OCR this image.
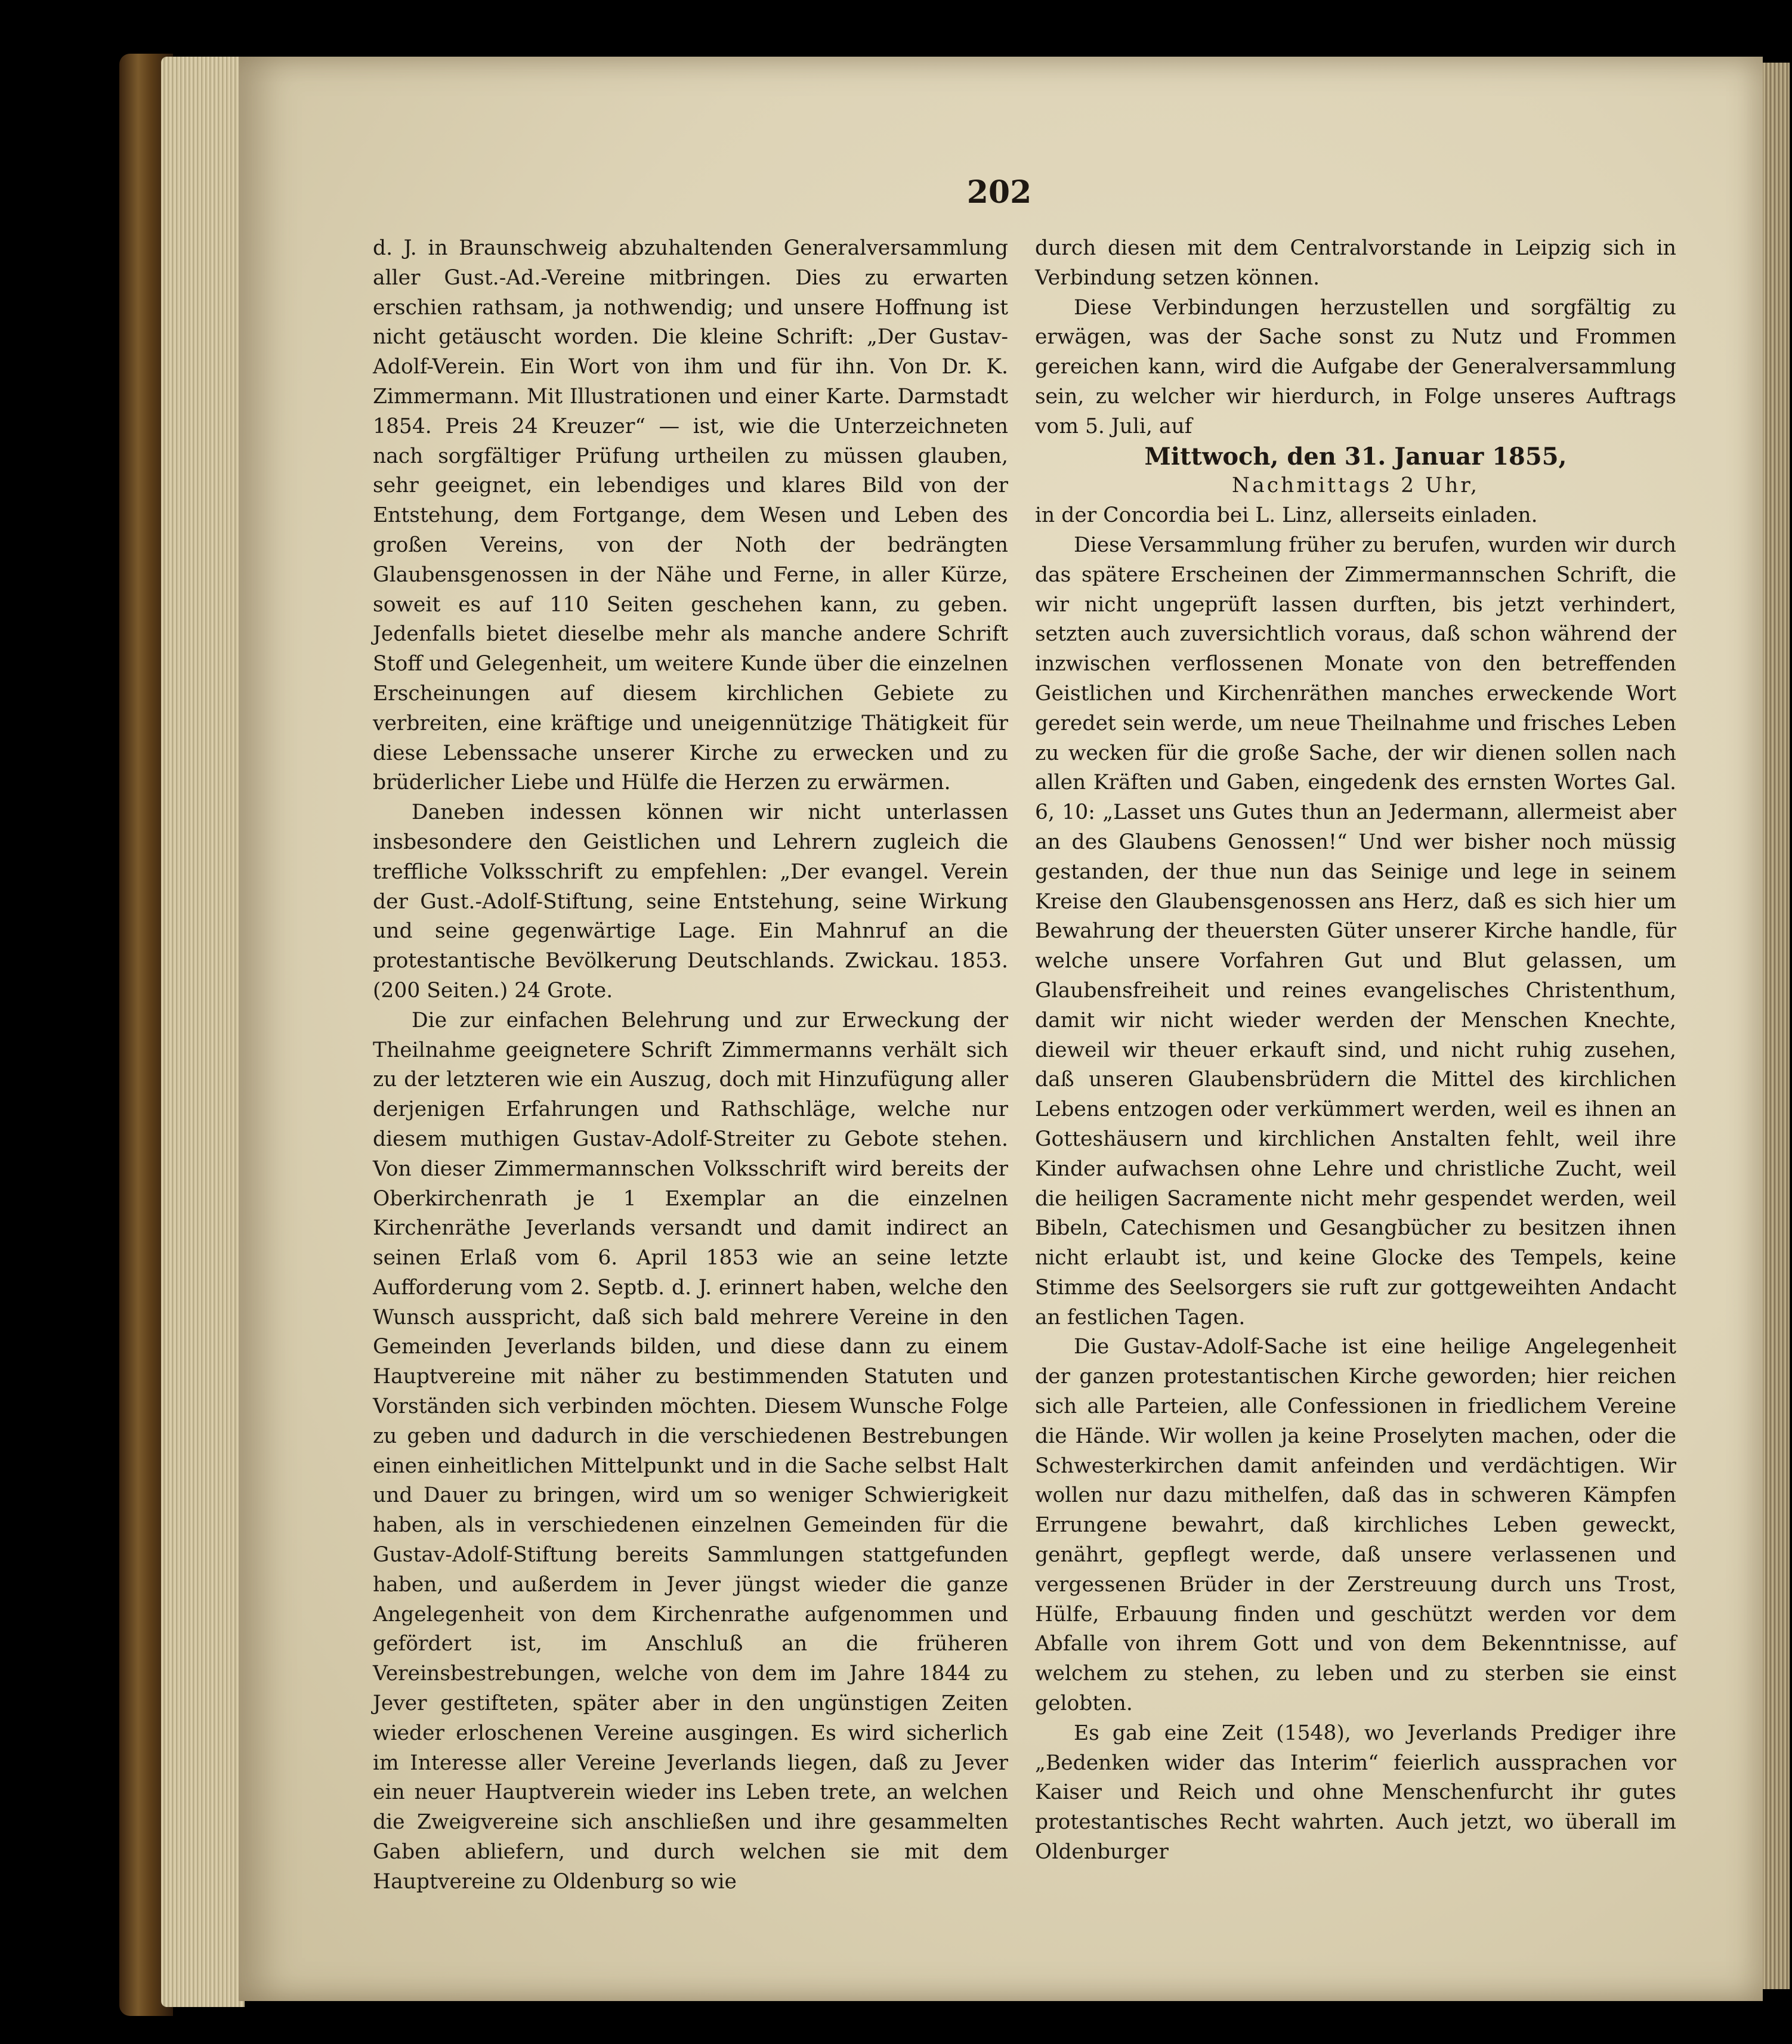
202

d. J. in Braunschweig abzuhaltenden Generalversammlung aller Gust.-Ad.-Vereine mitbringen. Dies zu erwarten erschien rathsam, ja nothwendig; und unsere Hoffnung ist nicht getäuscht worden. Die kleine Schrift: „Der Gustav-Adolf-Verein. Ein Wort von ihm und für ihn. Von Dr. K. Zimmermann. Mit Illustrationen und einer Karte. Darmstadt 1854. Preis 24 Kreuzer“ — ist, wie die Unterzeichneten nach sorgfältiger Prüfung urtheilen zu müssen glauben, sehr geeignet, ein lebendiges und klares Bild von der Entstehung, dem Fortgange, dem Wesen und Leben des großen Vereins, von der Noth der bedrängten Glaubensgenossen in der Nähe und Ferne, in aller Kürze, soweit es auf 110 Seiten geschehen kann, zu geben. Jedenfalls bietet dieselbe mehr als manche andere Schrift Stoff und Gelegenheit, um weitere Kunde über die einzelnen Erscheinungen auf diesem kirchlichen Gebiete zu verbreiten, eine kräftige und uneigennützige Thätigkeit für diese Lebenssache unserer Kirche zu erwecken und zu brüderlicher Liebe und Hülfe die Herzen zu erwärmen.

Daneben indessen können wir nicht unterlassen insbesondere den Geistlichen und Lehrern zugleich die treffliche Volksschrift zu empfehlen: „Der evangel. Verein der Gust.-Adolf-Stiftung, seine Entstehung, seine Wirkung und seine gegenwärtige Lage. Ein Mahnruf an die protestantische Bevölkerung Deutschlands. Zwickau. 1853. (200 Seiten.) 24 Grote.

Die zur einfachen Belehrung und zur Erweckung der Theilnahme geeignetere Schrift Zimmermanns verhält sich zu der letzteren wie ein Auszug, doch mit Hinzufügung aller derjenigen Erfahrungen und Rathschläge, welche nur diesem muthigen Gustav-Adolf-Streiter zu Gebote stehen. Von dieser Zimmermannschen Volksschrift wird bereits der Oberkirchenrath je 1 Exemplar an die einzelnen Kirchenräthe Jeverlands versandt und damit indirect an seinen Erlaß vom 6. April 1853 wie an seine letzte Aufforderung vom 2. Septb. d. J. erinnert haben, welche den Wunsch ausspricht, daß sich bald mehrere Vereine in den Gemeinden Jeverlands bilden, und diese dann zu einem Hauptvereine mit näher zu bestimmenden Statuten und Vorständen sich verbinden möchten. Diesem Wunsche Folge zu geben und dadurch in die verschiedenen Bestrebungen einen einheitlichen Mittelpunkt und in die Sache selbst Halt und Dauer zu bringen, wird um so weniger Schwierigkeit haben, als in verschiedenen einzelnen Gemeinden für die Gustav-Adolf-Stiftung bereits Sammlungen stattgefunden haben, und außerdem in Jever jüngst wieder die ganze Angelegenheit von dem Kirchenrathe aufgenommen und gefördert ist, im Anschluß an die früheren Vereinsbestrebungen, welche von dem im Jahre 1844 zu Jever gestifteten, später aber in den ungünstigen Zeiten wieder erloschenen Vereine ausgingen. Es wird sicherlich im Interesse aller Vereine Jeverlands liegen, daß zu Jever ein neuer Hauptverein wieder ins Leben trete, an welchen die Zweigvereine sich anschließen und ihre gesammelten Gaben abliefern, und durch welchen sie mit dem Hauptvereine zu Oldenburg so wie

durch diesen mit dem Centralvorstande in Leipzig sich in Verbindung setzen können.

Diese Verbindungen herzustellen und sorgfältig zu erwägen, was der Sache sonst zu Nutz und Frommen gereichen kann, wird die Aufgabe der Generalversammlung sein, zu welcher wir hierdurch, in Folge unseres Auftrags vom 5. Juli, auf

Mittwoch, den 31. Januar 1855,

Nachmittags 2 Uhr,

in der Concordia bei L. Linz, allerseits einladen.

Diese Versammlung früher zu berufen, wurden wir durch das spätere Erscheinen der Zimmermannschen Schrift, die wir nicht ungeprüft lassen durften, bis jetzt verhindert, setzten auch zuversichtlich voraus, daß schon während der inzwischen verflossenen Monate von den betreffenden Geistlichen und Kirchenräthen manches erweckende Wort geredet sein werde, um neue Theilnahme und frisches Leben zu wecken für die große Sache, der wir dienen sollen nach allen Kräften und Gaben, eingedenk des ernsten Wortes Gal. 6, 10: „Lasset uns Gutes thun an Jedermann, allermeist aber an des Glaubens Genossen!“ Und wer bisher noch müssig gestanden, der thue nun das Seinige und lege in seinem Kreise den Glaubensgenossen ans Herz, daß es sich hier um Bewahrung der theuersten Güter unserer Kirche handle, für welche unsere Vorfahren Gut und Blut gelassen, um Glaubensfreiheit und reines evangelisches Christenthum, damit wir nicht wieder werden der Menschen Knechte, dieweil wir theuer erkauft sind, und nicht ruhig zusehen, daß unseren Glaubensbrüdern die Mittel des kirchlichen Lebens entzogen oder verkümmert werden, weil es ihnen an Gotteshäusern und kirchlichen Anstalten fehlt, weil ihre Kinder aufwachsen ohne Lehre und christliche Zucht, weil die heiligen Sacramente nicht mehr gespendet werden, weil Bibeln, Catechismen und Gesangbücher zu besitzen ihnen nicht erlaubt ist, und keine Glocke des Tempels, keine Stimme des Seelsorgers sie ruft zur gottgeweihten Andacht an festlichen Tagen.

Die Gustav-Adolf-Sache ist eine heilige Angelegenheit der ganzen protestantischen Kirche geworden; hier reichen sich alle Parteien, alle Confessionen in friedlichem Vereine die Hände. Wir wollen ja keine Proselyten machen, oder die Schwesterkirchen damit anfeinden und verdächtigen. Wir wollen nur dazu mithelfen, daß das in schweren Kämpfen Errungene bewahrt, daß kirchliches Leben geweckt, genährt, gepflegt werde, daß unsere verlassenen und vergessenen Brüder in der Zerstreuung durch uns Trost, Hülfe, Erbauung finden und geschützt werden vor dem Abfalle von ihrem Gott und von dem Bekenntnisse, auf welchem zu stehen, zu leben und zu sterben sie einst gelobten.

Es gab eine Zeit (1548), wo Jeverlands Prediger ihre „Bedenken wider das Interim“ feierlich aussprachen vor Kaiser und Reich und ohne Menschenfurcht ihr gutes protestantisches Recht wahrten. Auch jetzt, wo überall im Oldenburger
